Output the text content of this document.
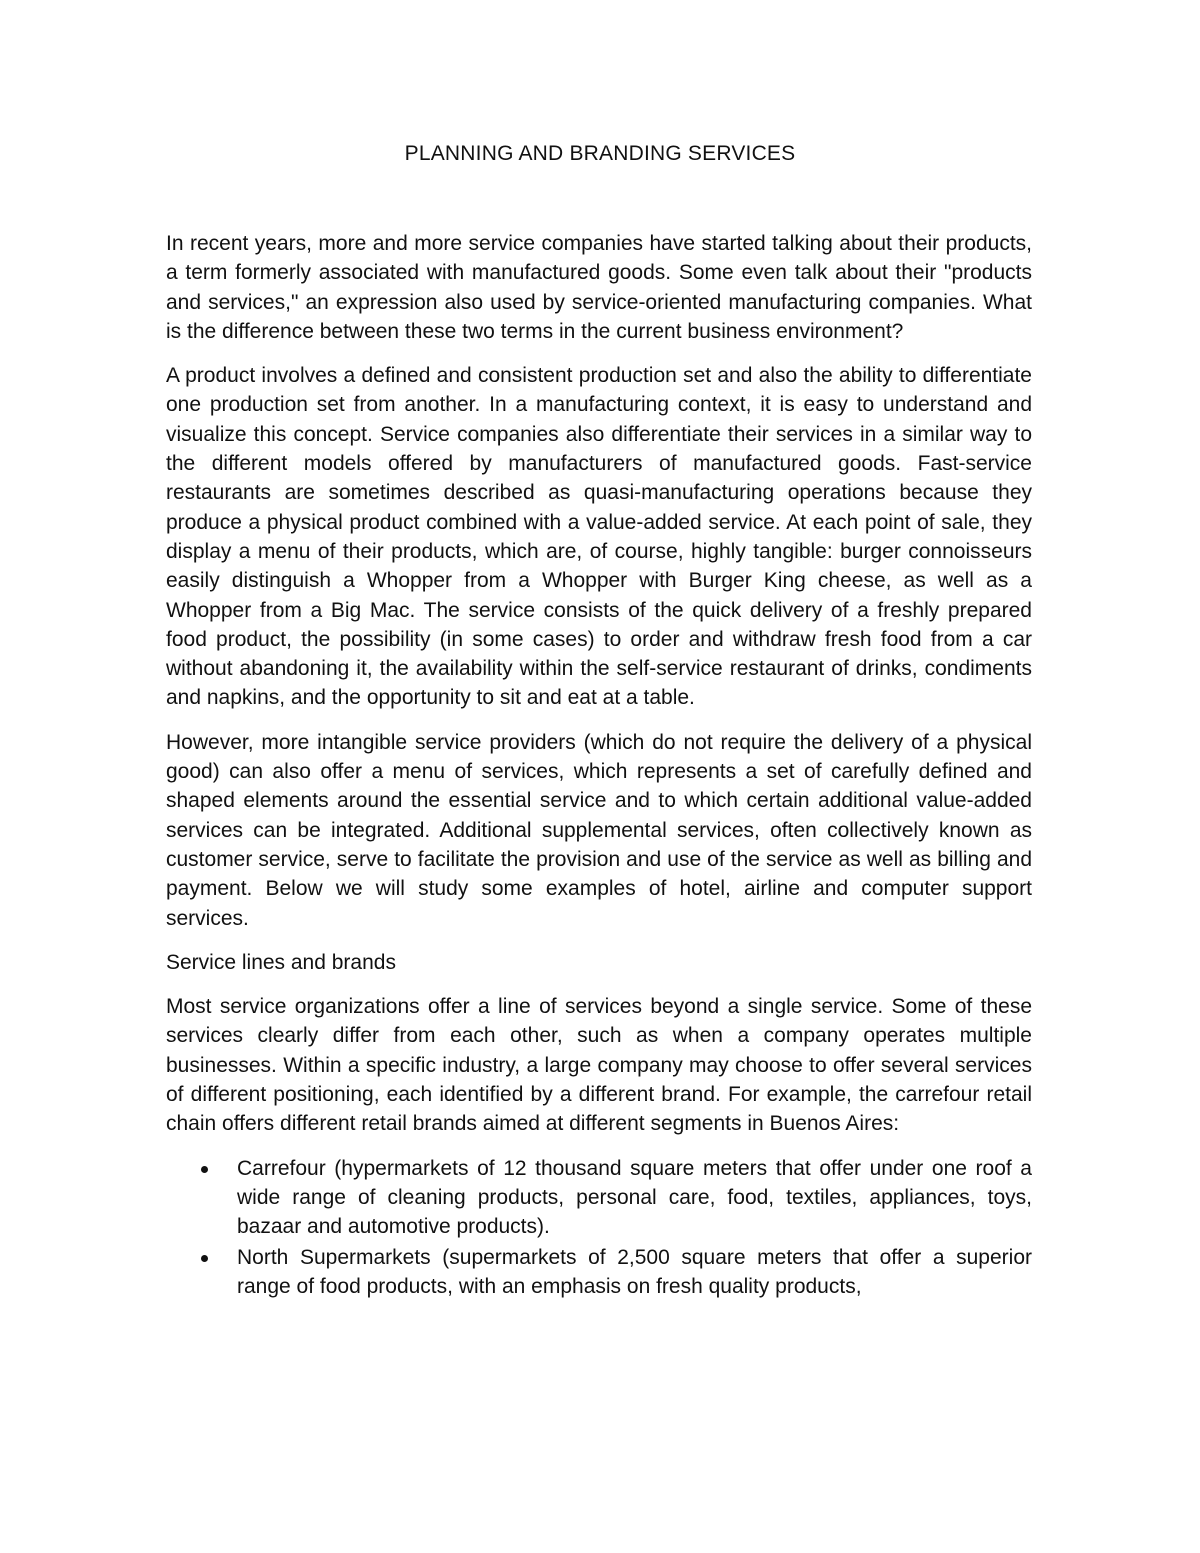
PLANNING AND BRANDING SERVICES

In recent years, more and more service companies have started talking about their products, a term formerly associated with manufactured goods. Some even talk about their "products and services," an expression also used by service-oriented manufacturing companies. What is the difference between these two terms in the current business environment?

A product involves a defined and consistent production set and also the ability to differentiate one production set from another. In a manufacturing context, it is easy to understand and visualize this concept. Service companies also differentiate their services in a similar way to the different models offered by manufacturers of manufactured goods. Fast-service restaurants are sometimes described as quasi-manufacturing operations because they produce a physical product combined with a value-added service. At each point of sale, they display a menu of their products, which are, of course, highly tangible: burger connoisseurs easily distinguish a Whopper from a Whopper with Burger King cheese, as well as a Whopper from a Big Mac. The service consists of the quick delivery of a freshly prepared food product, the possibility (in some cases) to order and withdraw fresh food from a car without abandoning it, the availability within the self-service restaurant of drinks, condiments and napkins, and the opportunity to sit and eat at a table.

However, more intangible service providers (which do not require the delivery of a physical good) can also offer a menu of services, which represents a set of carefully defined and shaped elements around the essential service and to which certain additional value-added services can be integrated. Additional supplemental services, often collectively known as customer service, serve to facilitate the provision and use of the service as well as billing and payment. Below we will study some examples of hotel, airline and computer support services.

Service lines and brands

Most service organizations offer a line of services beyond a single service. Some of these services clearly differ from each other, such as when a company operates multiple businesses. Within a specific industry, a large company may choose to offer several services of different positioning, each identified by a different brand. For example, the carrefour retail chain offers different retail brands aimed at different segments in Buenos Aires:

Carrefour (hypermarkets of 12 thousand square meters that offer under one roof a wide range of cleaning products, personal care, food, textiles, appliances, toys, bazaar and automotive products).
North Supermarkets (supermarkets of 2,500 square meters that offer a superior range of food products, with an emphasis on fresh quality products,
